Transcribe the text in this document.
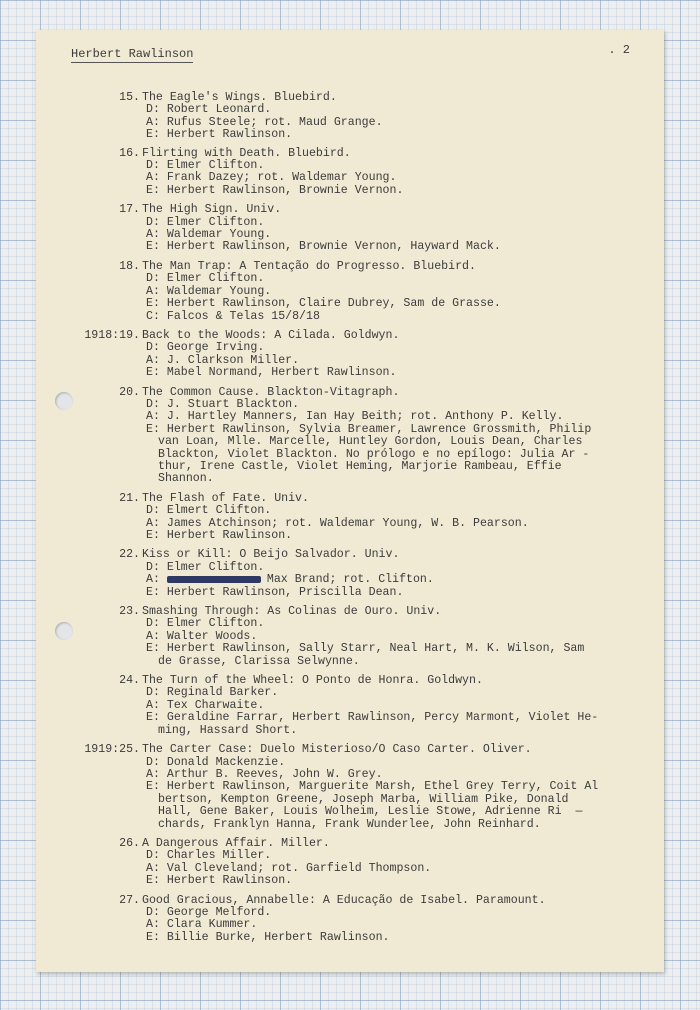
Herbert Rawlinson	. 2
15. The Eagle's Wings. Bluebird.
D: Robert Leonard.
A: Rufus Steele; rot. Maud Grange.
E: Herbert Rawlinson.
16. Flirting with Death. Bluebird.
D: Elmer Clifton.
A: Frank Dazey; rot. Waldemar Young.
E: Herbert Rawlinson, Brownie Vernon.
17. The High Sign. Univ.
D: Elmer Clifton.
A: Waldemar Young.
E: Herbert Rawlinson, Brownie Vernon, Hayward Mack.
18. The Man Trap: A Tentação do Progresso. Bluebird.
D: Elmer Clifton.
A: Waldemar Young.
E: Herbert Rawlinson, Claire Dubrey, Sam de Grasse.
C: Falcos & Telas 15/8/18
1918:19. Back to the Woods: A Cilada. Goldwyn.
D: George Irving.
A: J. Clarkson Miller.
E: Mabel Normand, Herbert Rawlinson.
20. The Common Cause. Blackton-Vitagraph.
D: J. Stuart Blackton.
A: J. Hartley Manners, Ian Hay Beith; rot. Anthony P. Kelly.
E: Herbert Rawlinson, Sylvia Breamer, Lawrence Grossmith, Philip
van Loan, Mlle. Marcelle, Huntley Gordon, Louis Dean, Charles
Blackton, Violet Blackton. No prólogo e no epílogo: Julia Ar -
thur, Irene Castle, Violet Heming, Marjorie Rambeau, Effie
Shannon.
21. The Flash of Fate. Univ.
D: Elmert Clifton.
A: James Atchinson; rot. Waldemar Young, W. B. Pearson.
E: Herbert Rawlinson.
22. Kiss or Kill: O Beijo Salvador. Univ.
D: Elmer Clifton.
A:	Max Brand; rot. Clifton.
E: Herbert Rawlinson, Priscilla Dean.
23. Smashing Through: As Colinas de Ouro. Univ.
D: Elmer Clifton.
A: Walter Woods.
E: Herbert Rawlinson, Sally Starr, Neal Hart, M. K. Wilson, Sam
de Grasse, Clarissa Selwynne.
24. The Turn of the Wheel: O Ponto de Honra. Goldwyn.
D: Reginald Barker.
A: Tex Charwaite.
E: Geraldine Farrar, Herbert Rawlinson, Percy Marmont, Violet He-
ming, Hassard Short.
1919:25. The Carter Case: Duelo Misterioso/O Caso Carter. Oliver.
D: Donald Mackenzie.
A: Arthur B. Reeves, John W. Grey.
E: Herbert Rawlinson, Marguerite Marsh, Ethel Grey Terry, Coit Al
bertson, Kempton Greene, Joseph Marba, William Pike, Donald
Hall, Gene Baker, Louis Wolheim, Leslie Stowe, Adrienne Ri  —
chards, Franklyn Hanna, Frank Wunderlee, John Reinhard.
26. A Dangerous Affair. Miller.
D: Charles Miller.
A: Val Cleveland; rot. Garfield Thompson.
E: Herbert Rawlinson.
27. Good Gracious, Annabelle: A Educação de Isabel. Paramount.
D: George Melford.
A: Clara Kummer.
E: Billie Burke, Herbert Rawlinson.
